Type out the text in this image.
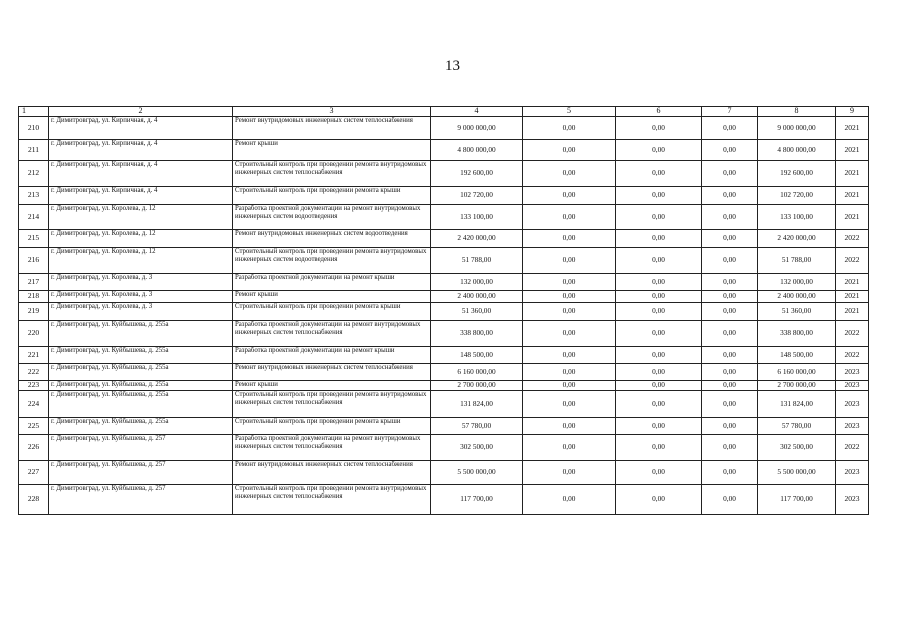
13
1	2	3	4	5	6	7	8	9
210	г. Димитровград, ул. Кирпичная, д. 4	Ремонт внутридомовых инженерных систем теплоснабжения	9 000 000,00	0,00	0,00	0,00	9 000 000,00	2021
211	г. Димитровград, ул. Кирпичная, д. 4	Ремонт крыши	4 800 000,00	0,00	0,00	0,00	4 800 000,00	2021
212	г. Димитровград, ул. Кирпичная, д. 4	Строительный контроль при проведении ремонта внутридомовых инженерных систем теплоснабжения	192 600,00	0,00	0,00	0,00	192 600,00	2021
213	г. Димитровград, ул. Кирпичная, д. 4	Строительный контроль при проведении ремонта крыши	102 720,00	0,00	0,00	0,00	102 720,00	2021
214	г. Димитровград, ул. Королева, д. 12	Разработка проектной документации на ремонт внутридомовых инженерных систем водоотведения	133 100,00	0,00	0,00	0,00	133 100,00	2021
215	г. Димитровград, ул. Королева, д. 12	Ремонт внутридомовых инженерных систем водоотведения	2 420 000,00	0,00	0,00	0,00	2 420 000,00	2022
216	г. Димитровград, ул. Королева, д. 12	Строительный контроль при проведении ремонта внутридомовых инженерных систем водоотведения	51 788,00	0,00	0,00	0,00	51 788,00	2022
217	г. Димитровград, ул. Королева, д. 3	Разработка проектной документации на ремонт крыши	132 000,00	0,00	0,00	0,00	132 000,00	2021
218	г. Димитровград, ул. Королева, д. 3	Ремонт крыши	2 400 000,00	0,00	0,00	0,00	2 400 000,00	2021
219	г. Димитровград, ул. Королева, д. 3	Строительный контроль при проведении ремонта крыши	51 360,00	0,00	0,00	0,00	51 360,00	2021
220	г. Димитровград, ул. Куйбышева, д. 255а	Разработка проектной документации на ремонт внутридомовых инженерных систем теплоснабжения	338 800,00	0,00	0,00	0,00	338 800,00	2022
221	г. Димитровград, ул. Куйбышева, д. 255а	Разработка проектной документации на ремонт крыши	148 500,00	0,00	0,00	0,00	148 500,00	2022
222	г. Димитровград, ул. Куйбышева, д. 255а	Ремонт внутридомовых инженерных систем теплоснабжения	6 160 000,00	0,00	0,00	0,00	6 160 000,00	2023
223	г. Димитровград, ул. Куйбышева, д. 255а	Ремонт крыши	2 700 000,00	0,00	0,00	0,00	2 700 000,00	2023
224	г. Димитровград, ул. Куйбышева, д. 255а	Строительный контроль при проведении ремонта внутридомовых инженерных систем теплоснабжения	131 824,00	0,00	0,00	0,00	131 824,00	2023
225	г. Димитровград, ул. Куйбышева, д. 255а	Строительный контроль при проведении ремонта крыши	57 780,00	0,00	0,00	0,00	57 780,00	2023
226	г. Димитровград, ул. Куйбышева, д. 257	Разработка проектной документации на ремонт внутридомовых инженерных систем теплоснабжения	302 500,00	0,00	0,00	0,00	302 500,00	2022
227	г. Димитровград, ул. Куйбышева, д. 257	Ремонт внутридомовых инженерных систем теплоснабжения	5 500 000,00	0,00	0,00	0,00	5 500 000,00	2023
228	г. Димитровград, ул. Куйбышева, д. 257	Строительный контроль при проведении ремонта внутридомовых инженерных систем теплоснабжения	117 700,00	0,00	0,00	0,00	117 700,00	2023
